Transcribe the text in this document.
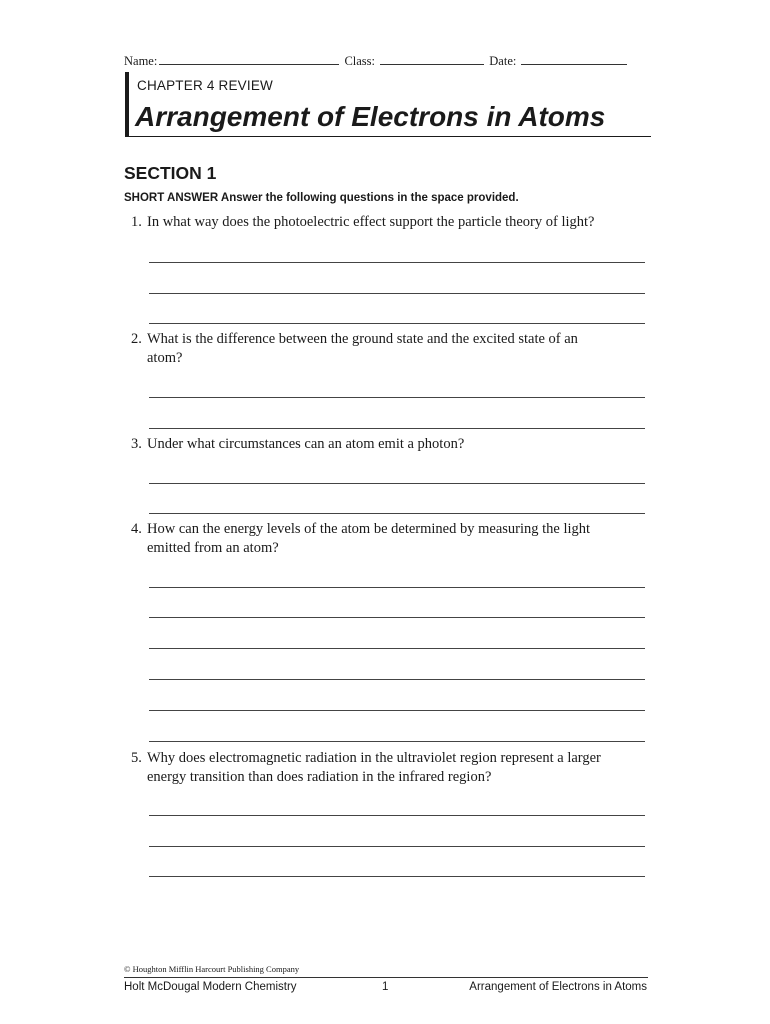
Name:	Class:	Date:
CHAPTER 4 REVIEW
Arrangement of Electrons in Atoms
SECTION 1
SHORT ANSWER Answer the following questions in the space provided.
1. In what way does the photoelectric effect support the particle theory of light?
2. What is the difference between the ground state and the excited state of an
atom?
3. Under what circumstances can an atom emit a photon?
4. How can the energy levels of the atom be determined by measuring the light
emitted from an atom?
5. Why does electromagnetic radiation in the ultraviolet region represent a larger
energy transition than does radiation in the infrared region?
© Houghton Mifflin Harcourt Publishing Company
Holt McDougal Modern Chemistry	1	Arrangement of Electrons in Atoms
